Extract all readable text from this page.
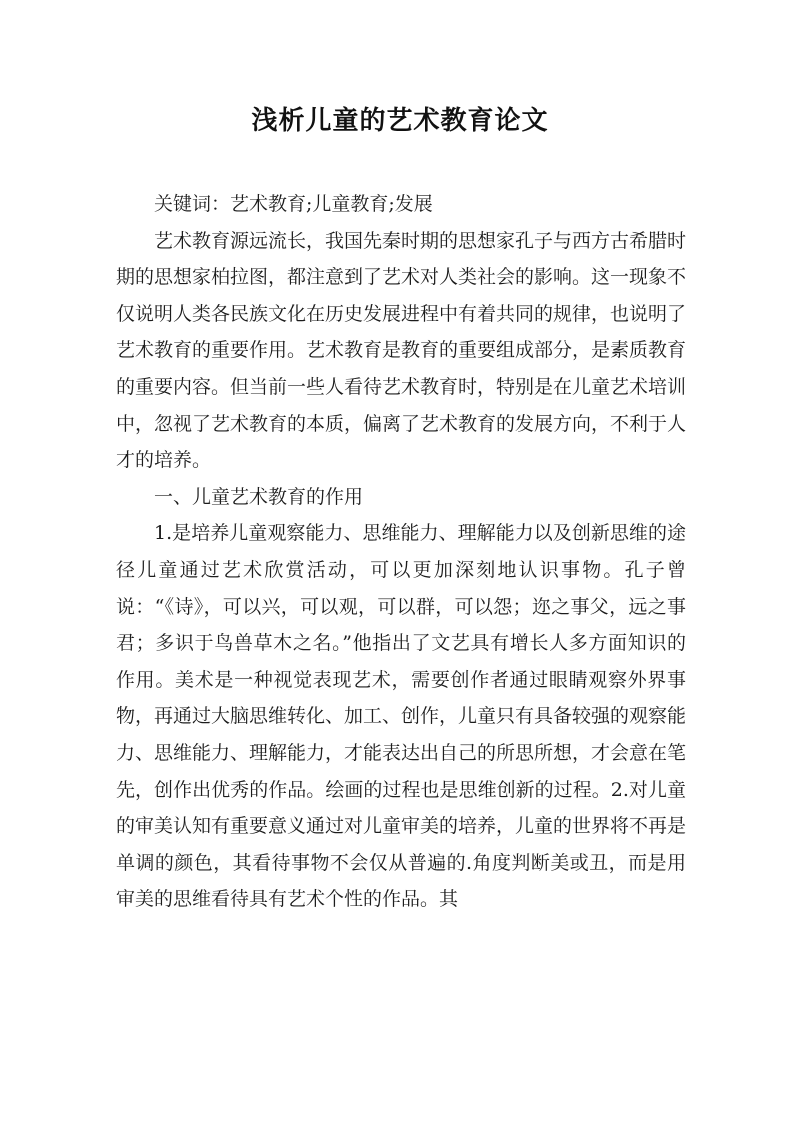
浅析儿童的艺术教育论文

关键词：艺术教育;儿童教育;发展

艺术教育源远流长，我国先秦时期的思想家孔子与西方古希腊时期的思想家柏拉图，都注意到了艺术对人类社会的影响。这一现象不仅说明人类各民族文化在历史发展进程中有着共同的规律，也说明了艺术教育的重要作用。艺术教育是教育的重要组成部分，是素质教育的重要内容。但当前一些人看待艺术教育时，特别是在儿童艺术培训中，忽视了艺术教育的本质，偏离了艺术教育的发展方向，不利于人才的培养。

一、儿童艺术教育的作用

1.是培养儿童观察能力、思维能力、理解能力以及创新思维的途径儿童通过艺术欣赏活动，可以更加深刻地认识事物。孔子曾说：“《诗》，可以兴，可以观，可以群，可以怨；迩之事父，远之事君；多识于鸟兽草木之名。”他指出了文艺具有增长人多方面知识的作用。美术是一种视觉表现艺术，需要创作者通过眼睛观察外界事物，再通过大脑思维转化、加工、创作，儿童只有具备较强的观察能力、思维能力、理解能力，才能表达出自己的所思所想，才会意在笔先，创作出优秀的作品。绘画的过程也是思维创新的过程。2.对儿童的审美认知有重要意义通过对儿童审美的培养，儿童的世界将不再是单调的颜色，其看待事物不会仅从普遍的.角度判断美或丑，而是用审美的思维看待具有艺术个性的作品。其
